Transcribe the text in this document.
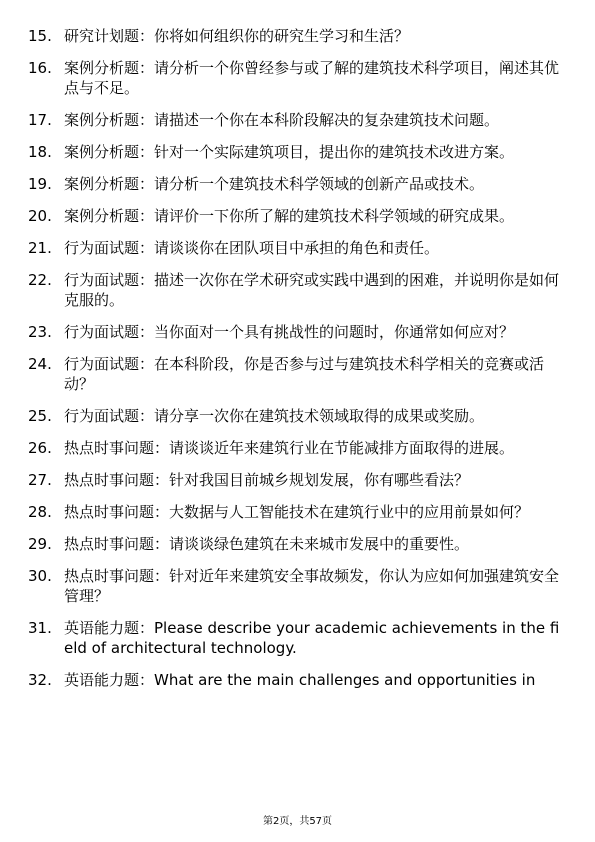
15. 研究计划题：你将如何组织你的研究生学习和生活？
16. 案例分析题：请分析一个你曾经参与或了解的建筑技术科学项目，阐述其优点与不足。
17. 案例分析题：请描述一个你在本科阶段解决的复杂建筑技术问题。
18. 案例分析题：针对一个实际建筑项目，提出你的建筑技术改进方案。
19. 案例分析题：请分析一个建筑技术科学领域的创新产品或技术。
20. 案例分析题：请评价一下你所了解的建筑技术科学领域的研究成果。
21. 行为面试题：请谈谈你在团队项目中承担的角色和责任。
22. 行为面试题：描述一次你在学术研究或实践中遇到的困难，并说明你是如何克服的。
23. 行为面试题：当你面对一个具有挑战性的问题时，你通常如何应对？
24. 行为面试题：在本科阶段，你是否参与过与建筑技术科学相关的竞赛或活动？
25. 行为面试题：请分享一次你在建筑技术领域取得的成果或奖励。
26. 热点时事问题：请谈谈近年来建筑行业在节能减排方面取得的进展。
27. 热点时事问题：针对我国目前城乡规划发展，你有哪些看法？
28. 热点时事问题：大数据与人工智能技术在建筑行业中的应用前景如何？
29. 热点时事问题：请谈谈绿色建筑在未来城市发展中的重要性。
30. 热点时事问题：针对近年来建筑安全事故频发，你认为应如何加强建筑安全管理？
31. 英语能力题：Please describe your academic achievements in the field of architectural technology.
32. 英语能力题：What are the main challenges and opportunities in
第2页，共57页
